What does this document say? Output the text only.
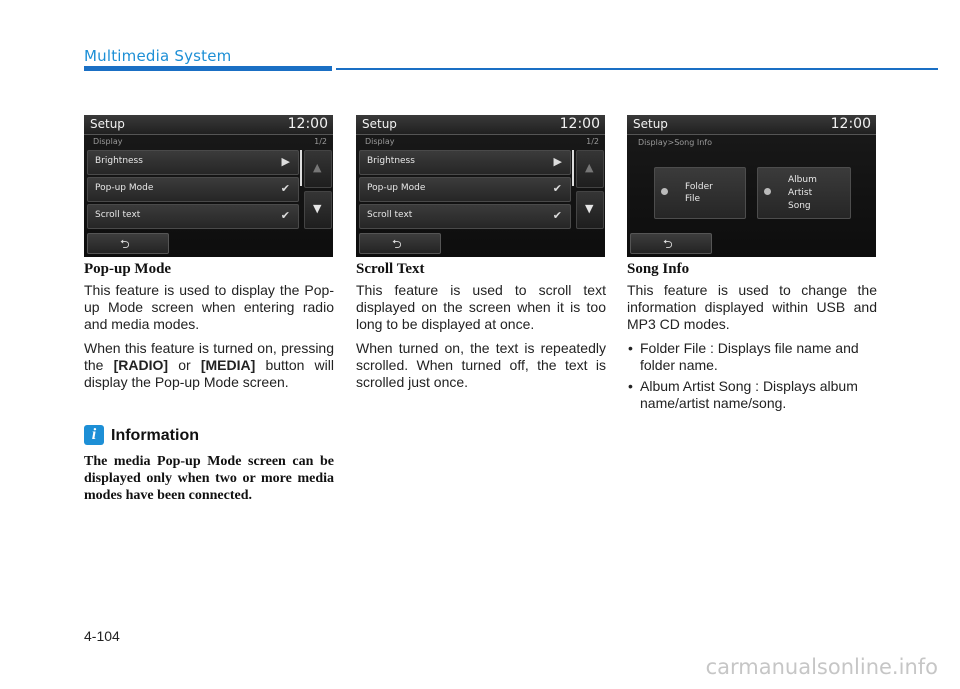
Multimedia System
Setup	12:00
Display	1/2
Brightness	▶
Pop-up Mode	✔
Scroll text	✔
▲
▼
⮌
Setup	12:00
Display	1/2
Brightness	▶
Pop-up Mode	✔
Scroll text	✔
▲
▼
⮌
Setup	12:00
Display>Song Info
Folder
File
Album
Artist
Song
⮌
Pop-up Mode

This feature is used to display the Pop-up Mode screen when entering radio and media modes.

When this feature is turned on, pressing the [RADIO] or [MEDIA] button will display the Pop-up Mode screen.

i Information

The media Pop-up Mode screen can be displayed only when two or more media modes have been connected.

Scroll Text

This feature is used to scroll text displayed on the screen when it is too long to be displayed at once.

When turned on, the text is repeatedly scrolled. When turned off, the text is scrolled just once.

Song Info

This feature is used to change the information displayed within USB and MP3 CD modes.

• Folder File : Displays file name and folder name.
• Album Artist Song : Displays album name/artist name/song.
4-104
carmanualsonline.info
